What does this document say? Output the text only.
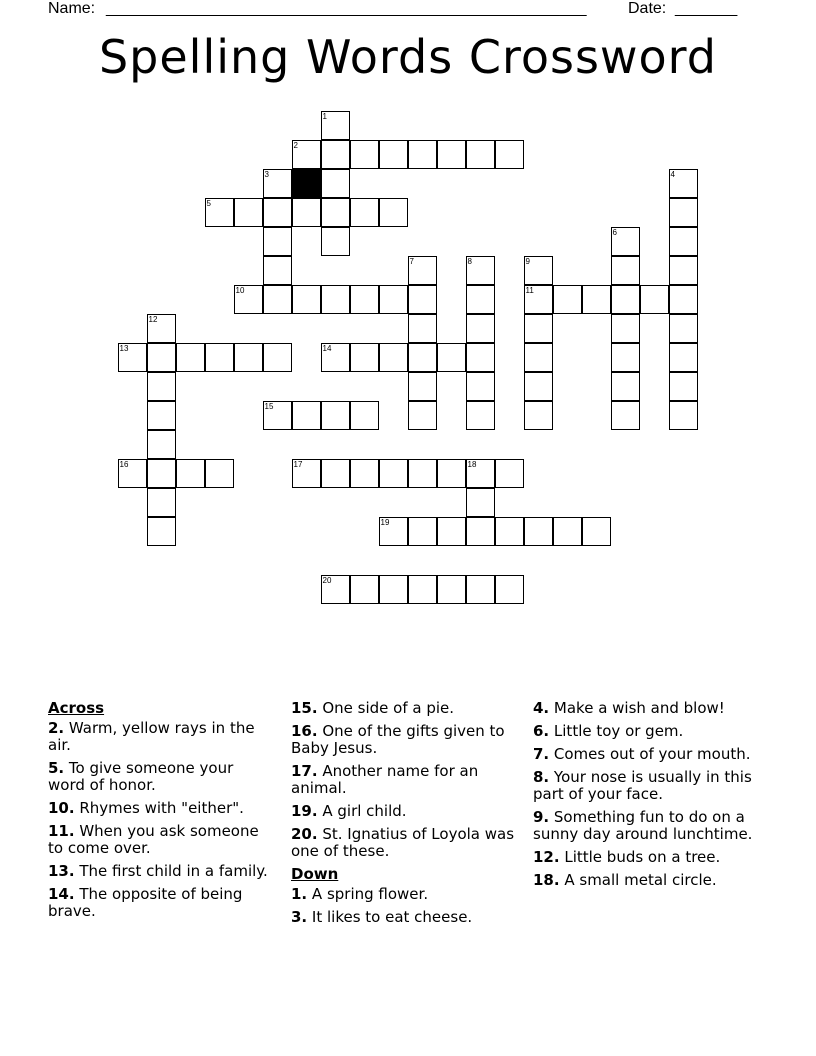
Name: ______________________________________________________	Date: _______
Spelling Words Crossword
1
2
3	4
5
6
7	8	9
11
10
12
13	14
15
16	17	18
19
20
Across
2. Warm, yellow rays in the air.
5. To give someone your word of honor.
10. Rhymes with "either".
11. When you ask someone to come over.
13. The first child in a family.
14. The opposite of being brave.
15. One side of a pie.
16. One of the gifts given to Baby Jesus.
17. Another name for an animal.
19. A girl child.
20. St. Ignatius of Loyola was one of these.
Down
1. A spring flower.
3. It likes to eat cheese.
4. Make a wish and blow!
6. Little toy or gem.
7. Comes out of your mouth.
8. Your nose is usually in this part of your face.
9. Something fun to do on a sunny day around lunchtime.
12. Little buds on a tree.
18. A small metal circle.
